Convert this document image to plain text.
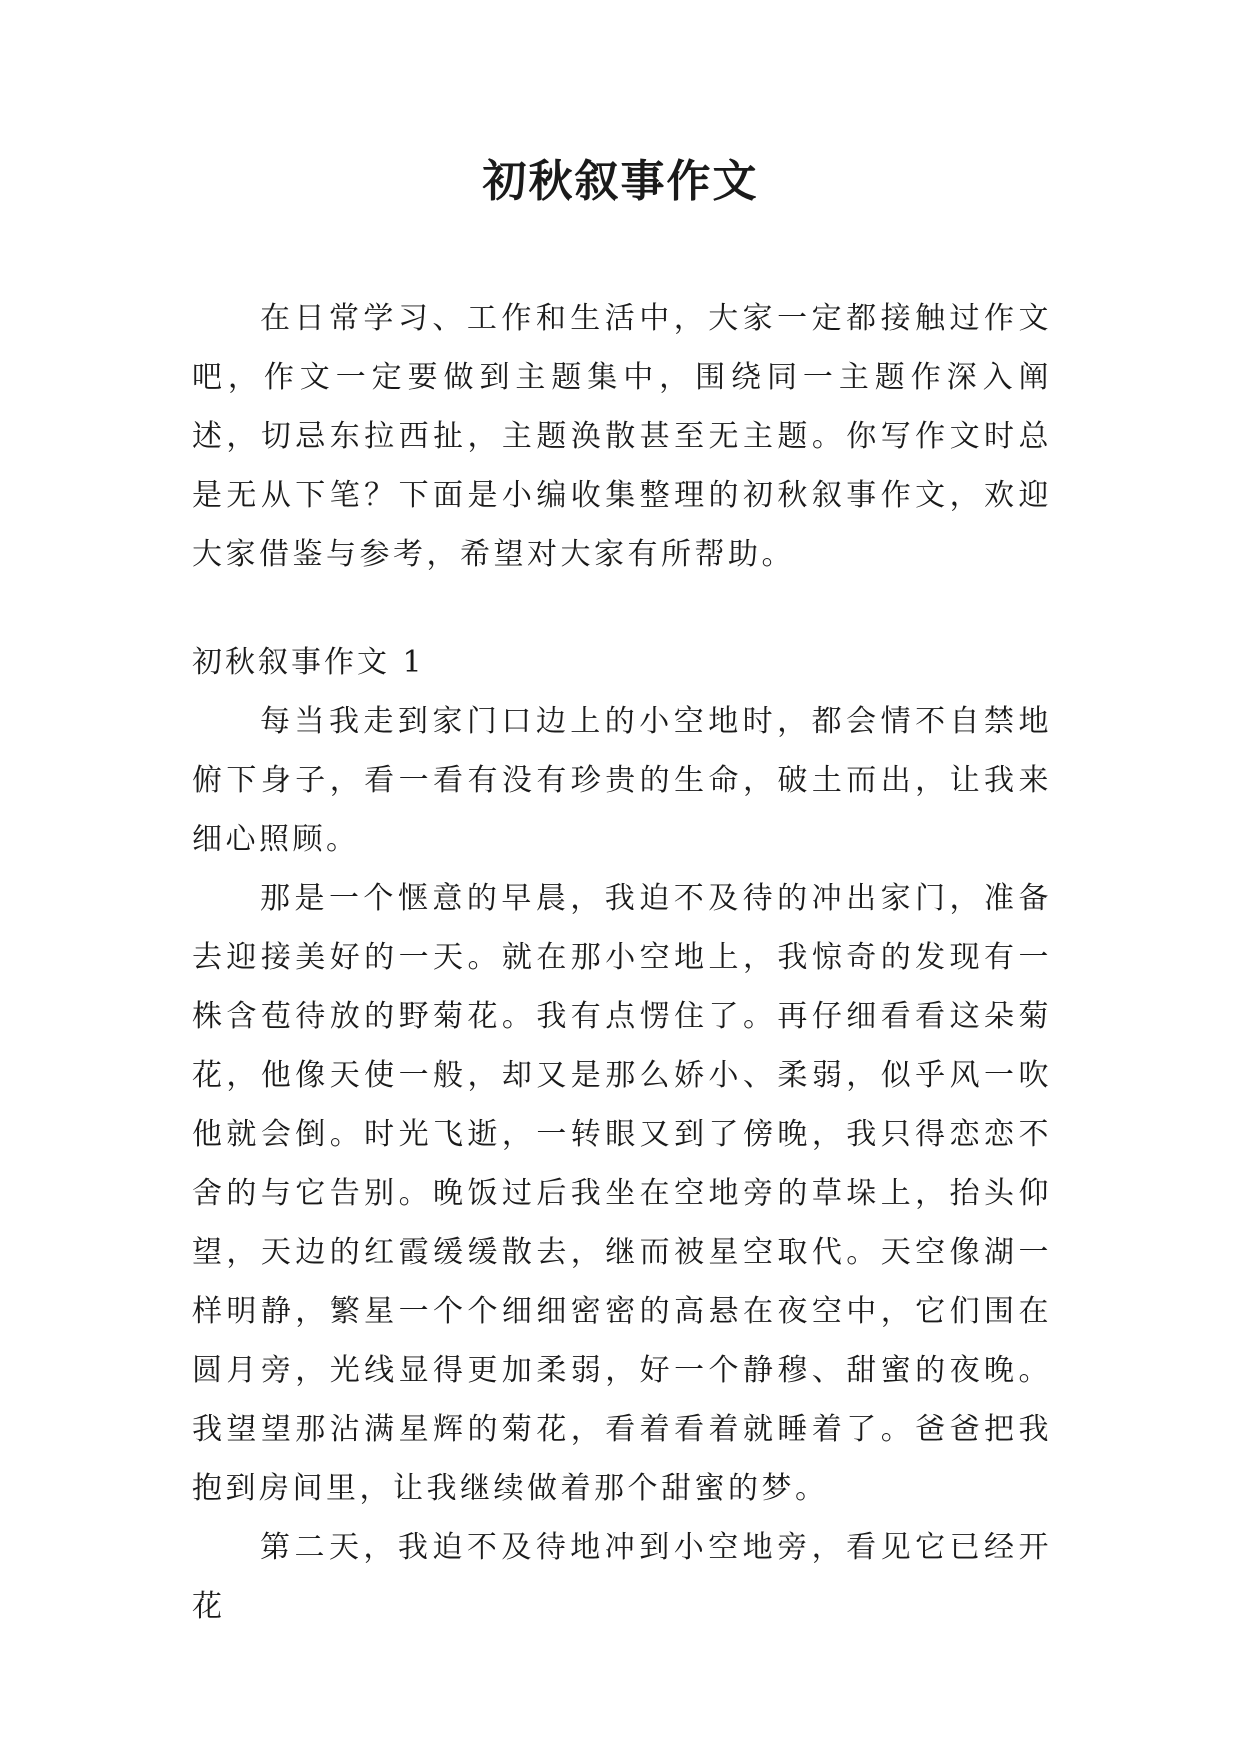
初秋叙事作文

在日常学习、工作和生活中，大家一定都接触过作文吧，作文一定要做到主题集中，围绕同一主题作深入阐述，切忌东拉西扯，主题涣散甚至无主题。你写作文时总是无从下笔？下面是小编收集整理的初秋叙事作文，欢迎大家借鉴与参考，希望对大家有所帮助。

初秋叙事作文 1

每当我走到家门口边上的小空地时，都会情不自禁地俯下身子，看一看有没有珍贵的生命，破土而出，让我来细心照顾。

那是一个惬意的早晨，我迫不及待的冲出家门，准备去迎接美好的一天。就在那小空地上，我惊奇的发现有一株含苞待放的野菊花。我有点愣住了。再仔细看看这朵菊花，他像天使一般，却又是那么娇小、柔弱，似乎风一吹他就会倒。时光飞逝，一转眼又到了傍晚，我只得恋恋不舍的与它告别。晚饭过后我坐在空地旁的草垛上，抬头仰望，天边的红霞缓缓散去，继而被星空取代。天空像湖一样明静，繁星一个个细细密密的高悬在夜空中，它们围在圆月旁，光线显得更加柔弱，好一个静穆、甜蜜的夜晚。我望望那沾满星辉的菊花，看着看着就睡着了。爸爸把我抱到房间里，让我继续做着那个甜蜜的梦。

第二天，我迫不及待地冲到小空地旁，看见它已经开花
